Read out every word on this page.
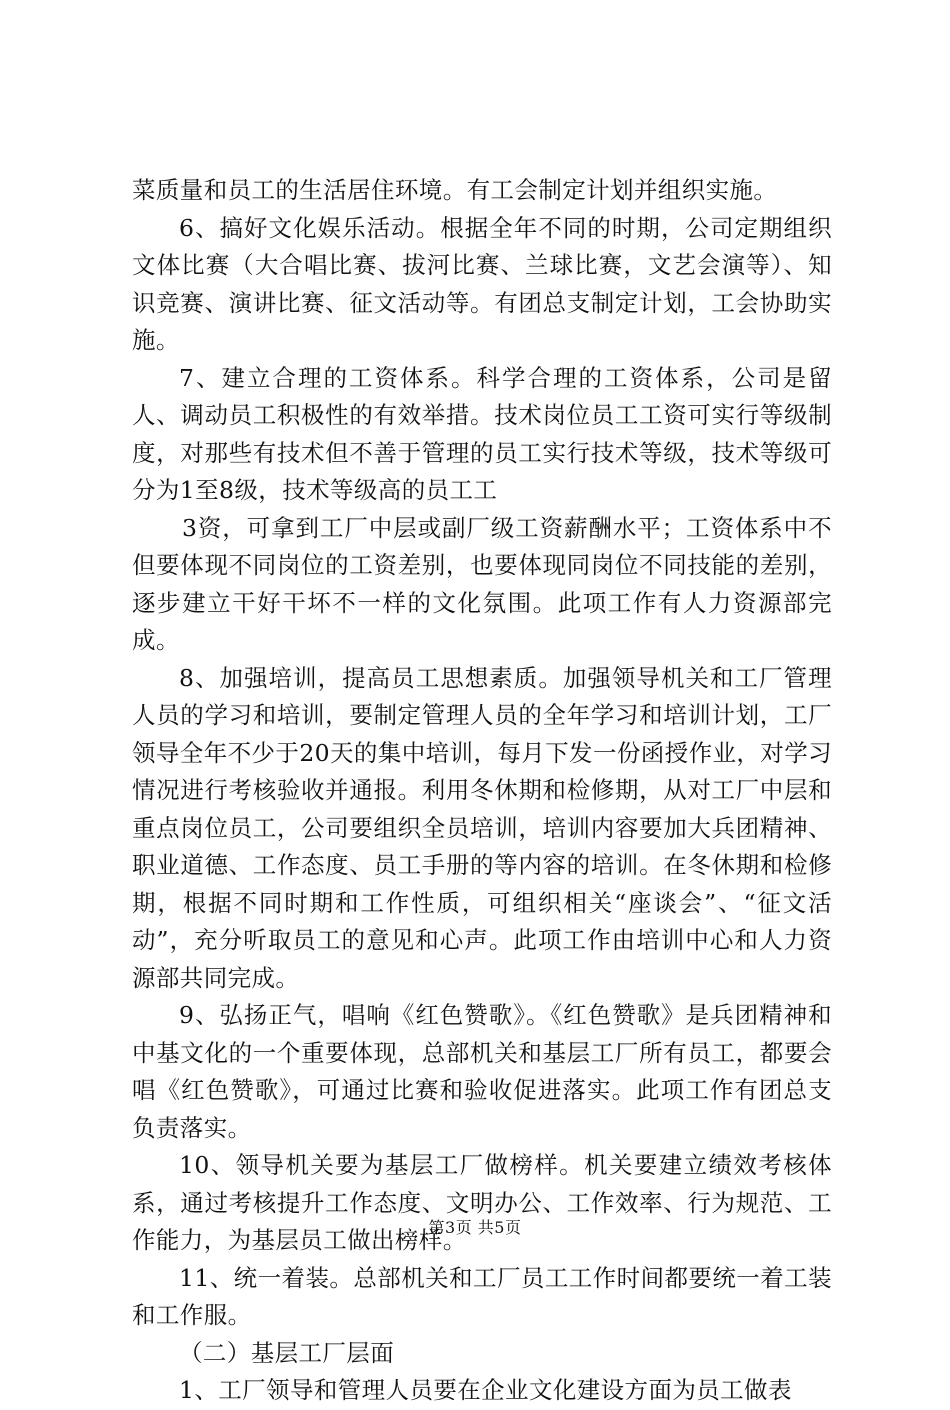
菜质量和员工的生活居住环境。有工会制定计划并组织实施。

6、搞好文化娱乐活动。根据全年不同的时期，公司定期组织文体比赛（大合唱比赛、拔河比赛、兰球比赛，文艺会演等）、知识竞赛、演讲比赛、征文活动等。有团总支制定计划，工会协助实施。

7、建立合理的工资体系。科学合理的工资体系，公司是留人、调动员工积极性的有效举措。技术岗位员工工资可实行等级制度，对那些有技术但不善于管理的员工实行技术等级，技术等级可分为1至8级，技术等级高的员工工

3资，可拿到工厂中层或副厂级工资薪酬水平；工资体系中不但要体现不同岗位的工资差别，也要体现同岗位不同技能的差别，逐步建立干好干坏不一样的文化氛围。此项工作有人力资源部完成。

8、加强培训，提高员工思想素质。加强领导机关和工厂管理人员的学习和培训，要制定管理人员的全年学习和培训计划，工厂领导全年不少于20天的集中培训，每月下发一份函授作业，对学习情况进行考核验收并通报。利用冬休期和检修期，从对工厂中层和重点岗位员工，公司要组织全员培训，培训内容要加大兵团精神、职业道德、工作态度、员工手册的等内容的培训。在冬休期和检修期，根据不同时期和工作性质，可组织相关“座谈会”、“征文活动”，充分听取员工的意见和心声。此项工作由培训中心和人力资源部共同完成。

9、弘扬正气，唱响《红色赞歌》。《红色赞歌》是兵团精神和中基文化的一个重要体现，总部机关和基层工厂所有员工，都要会唱《红色赞歌》，可通过比赛和验收促进落实。此项工作有团总支负责落实。

10、领导机关要为基层工厂做榜样。机关要建立绩效考核体系，通过考核提升工作态度、文明办公、工作效率、行为规范、工作能力，为基层员工做出榜样。

11、统一着装。总部机关和工厂员工工作时间都要统一着工装和工作服。

（二）基层工厂层面

1、工厂领导和管理人员要在企业文化建设方面为员工做表

第3页 共5页
